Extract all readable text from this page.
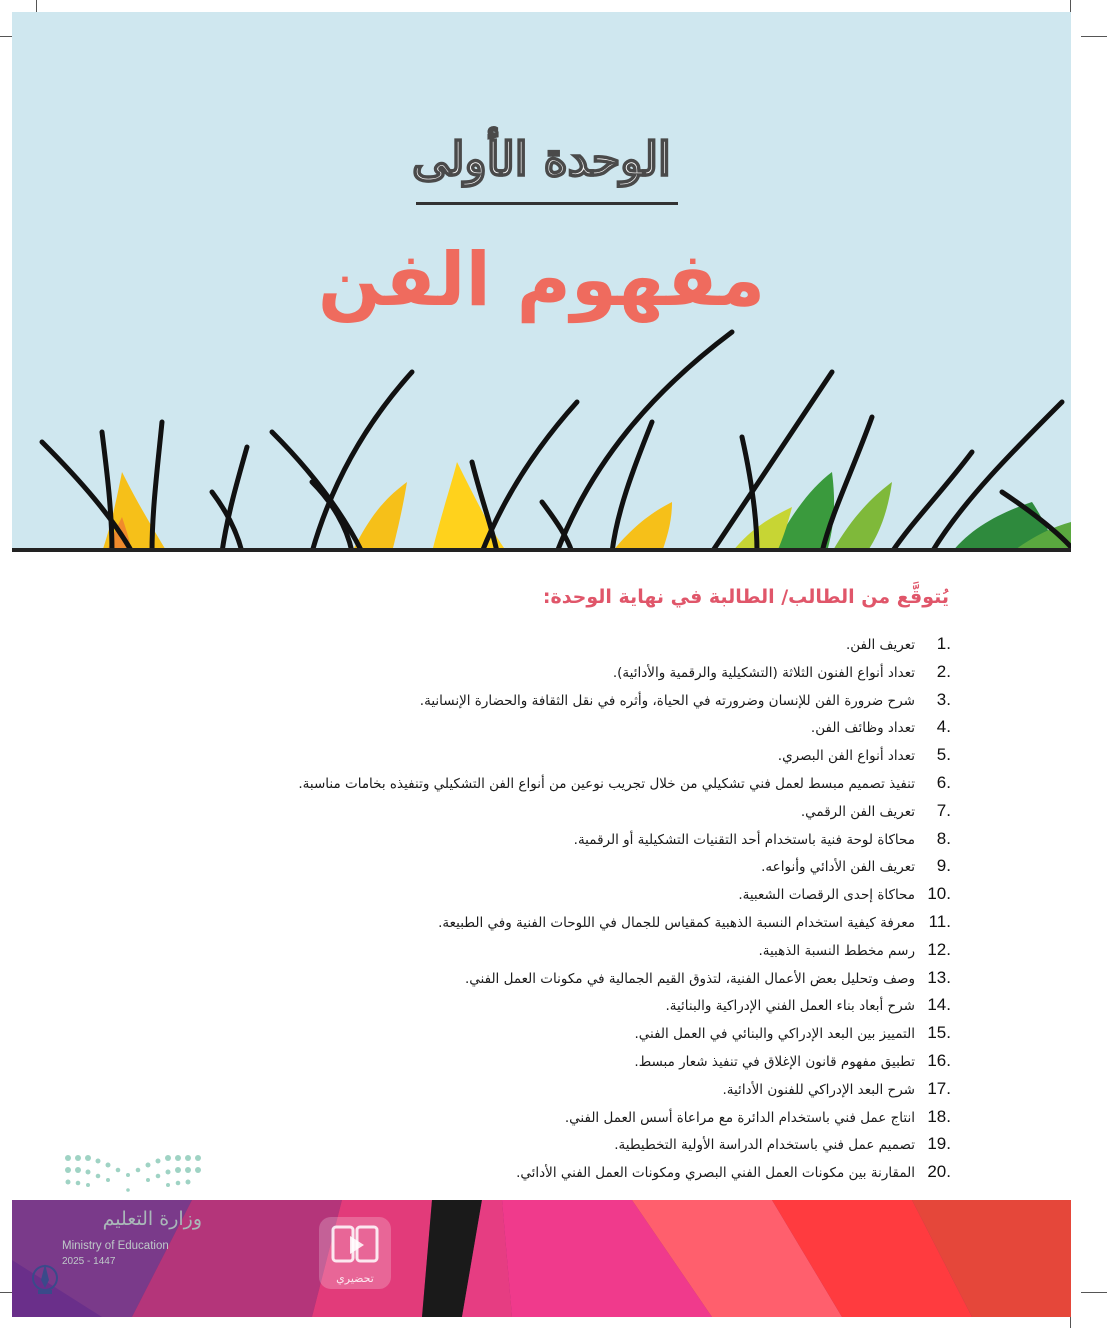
الوحدة الأولى
مفهوم الفن
يُتوقَّع من الطالب/ الطالبة في نهاية الوحدة:
.1تعريف الفن.
.2تعداد أنواع الفنون الثلاثة (التشكيلية والرقمية والأدائية).
.3شرح ضرورة الفن للإنسان وضرورته في الحياة، وأثره في نقل الثقافة والحضارة الإنسانية.
.4تعداد وظائف الفن.
.5تعداد أنواع الفن البصري.
.6تنفيذ تصميم مبسط لعمل فني تشكيلي من خلال تجريب نوعين من أنواع الفن التشكيلي وتنفيذه بخامات مناسبة.
.7تعريف الفن الرقمي.
.8محاكاة لوحة فنية باستخدام أحد التقنيات التشكيلية أو الرقمية.
.9تعريف الفن الأدائي وأنواعه.
.10محاكاة إحدى الرقصات الشعبية.
.11معرفة كيفية استخدام النسبة الذهبية كمقياس للجمال في اللوحات الفنية وفي الطبيعة.
.12رسم مخطط النسبة الذهبية.
.13وصف وتحليل بعض الأعمال الفنية، لتذوق القيم الجمالية في مكونات العمل الفني.
.14شرح أبعاد بناء العمل الفني الإدراكية والبنائية.
.15التمييز بين البعد الإدراكي والبنائي في العمل الفني.
.16تطبيق مفهوم قانون الإغلاق في تنفيذ شعار مبسط.
.17شرح البعد الإدراكي للفنون الأدائية.
.18انتاج عمل فني باستخدام الدائرة مع مراعاة أسس العمل الفني.
.19تصميم عمل فني باستخدام الدراسة الأولية التخطيطية.
.20المقارنة بين مكونات العمل الفني البصري ومكونات العمل الفني الأدائي.
وزارة التعليم
Ministry of Education
2025 - 1447
تحضيري
